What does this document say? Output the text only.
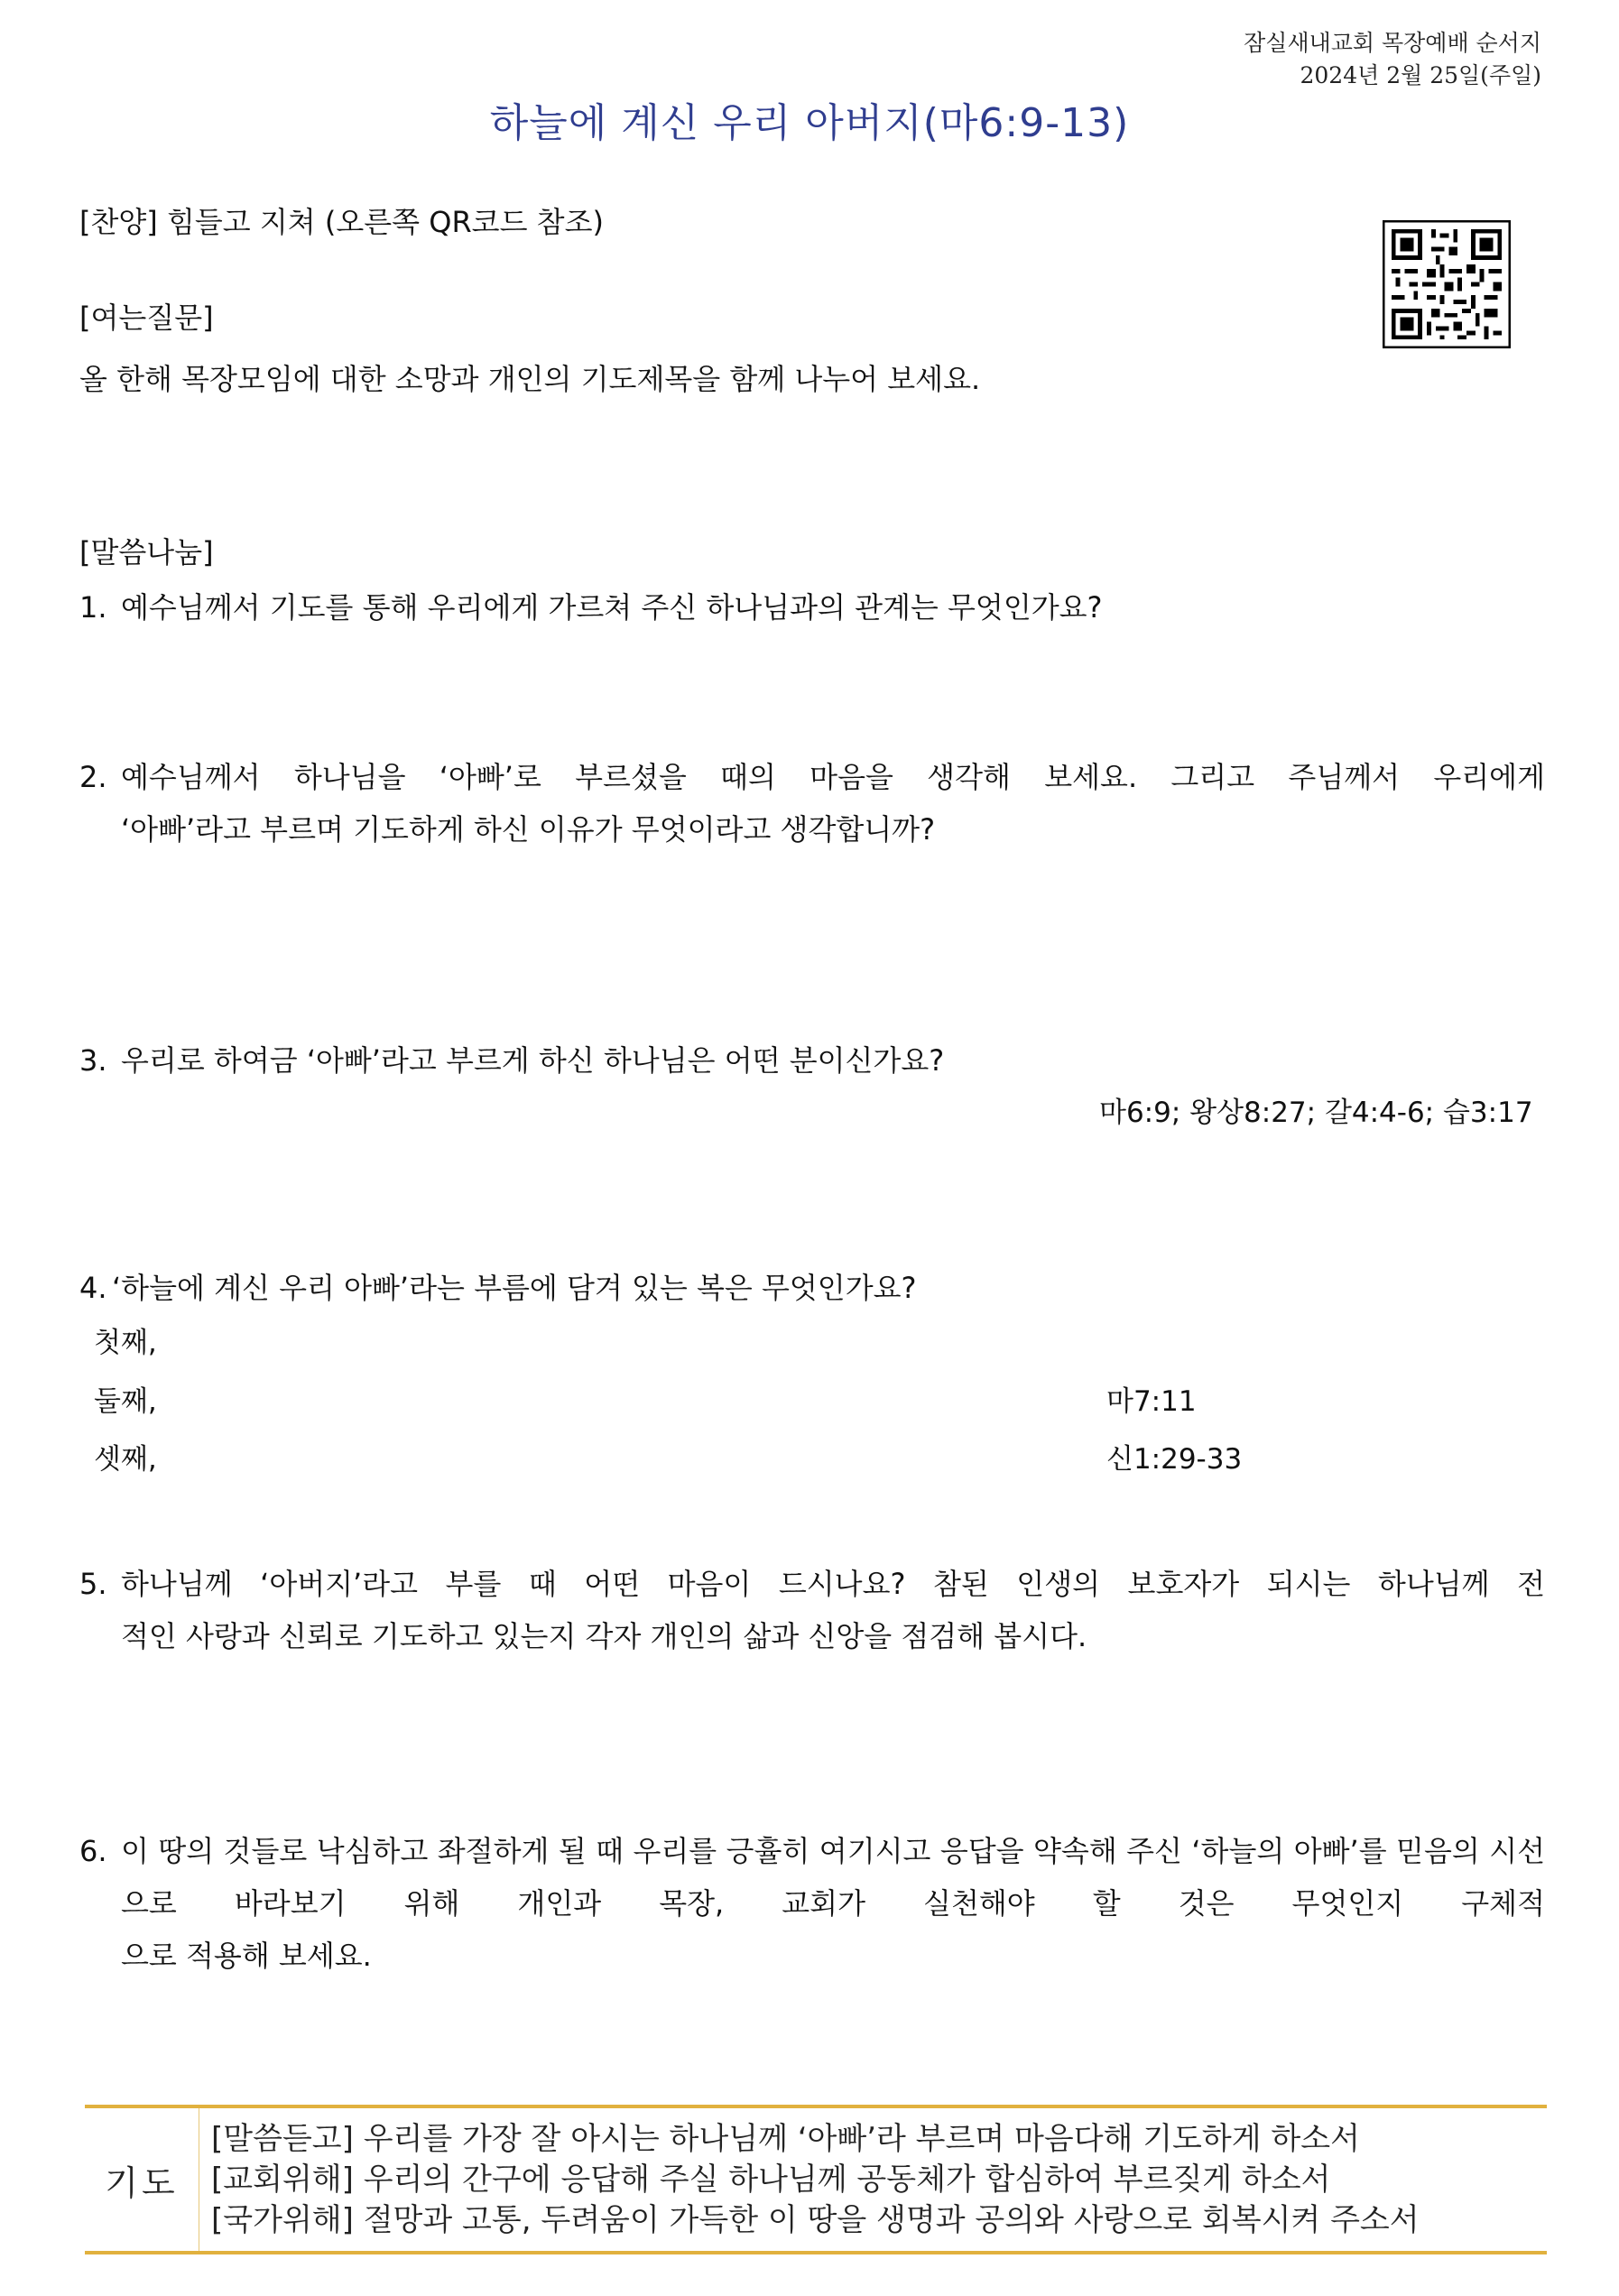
잠실새내교회 목장예배 순서지
2024년 2월 25일(주일)
하늘에 계신 우리 아버지(마6:9-13)
[찬양] 힘들고 지쳐 (오른쪽 QR코드 참조)
[여는질문]
올 한해 목장모임에 대한 소망과 개인의 기도제목을 함께 나누어 보세요.
[말씀나눔]
1. 예수님께서 기도를 통해 우리에게 가르쳐 주신 하나님과의 관계는 무엇인가요?
2. 예수님께서 하나님을 ‘아빠’로 부르셨을 때의 마음을 생각해 보세요. 그리고 주님께서 우리에게
‘아빠’라고 부르며 기도하게 하신 이유가 무엇이라고 생각합니까?
3. 우리로 하여금 ‘아빠’라고 부르게 하신 하나님은 어떤 분이신가요?
마6:9; 왕상8:27; 갈4:4-6; 습3:17
4. ‘하늘에 계신 우리 아빠’라는 부름에 담겨 있는 복은 무엇인가요?
첫째,
둘째,	마7:11
셋째,	신1:29-33
5. 하나님께 ‘아버지’라고 부를 때 어떤 마음이 드시나요? 참된 인생의 보호자가 되시는 하나님께 전
적인 사랑과 신뢰로 기도하고 있는지 각자 개인의 삶과 신앙을 점검해 봅시다.
6. 이 땅의 것들로 낙심하고 좌절하게 될 때 우리를 긍휼히 여기시고 응답을 약속해 주신 ‘하늘의 아빠’를 믿음의 시선으로 바라보기 위해 개인과 목장, 교회가 실천해야 할 것은 무엇인지 구체적
으로 적용해 보세요.
기도
[말씀듣고] 우리를 가장 잘 아시는 하나님께 ‘아빠’라 부르며 마음다해 기도하게 하소서
[교회위해] 우리의 간구에 응답해 주실 하나님께 공동체가 합심하여 부르짖게 하소서
[국가위해] 절망과 고통, 두려움이 가득한 이 땅을 생명과 공의와 사랑으로 회복시켜 주소서
